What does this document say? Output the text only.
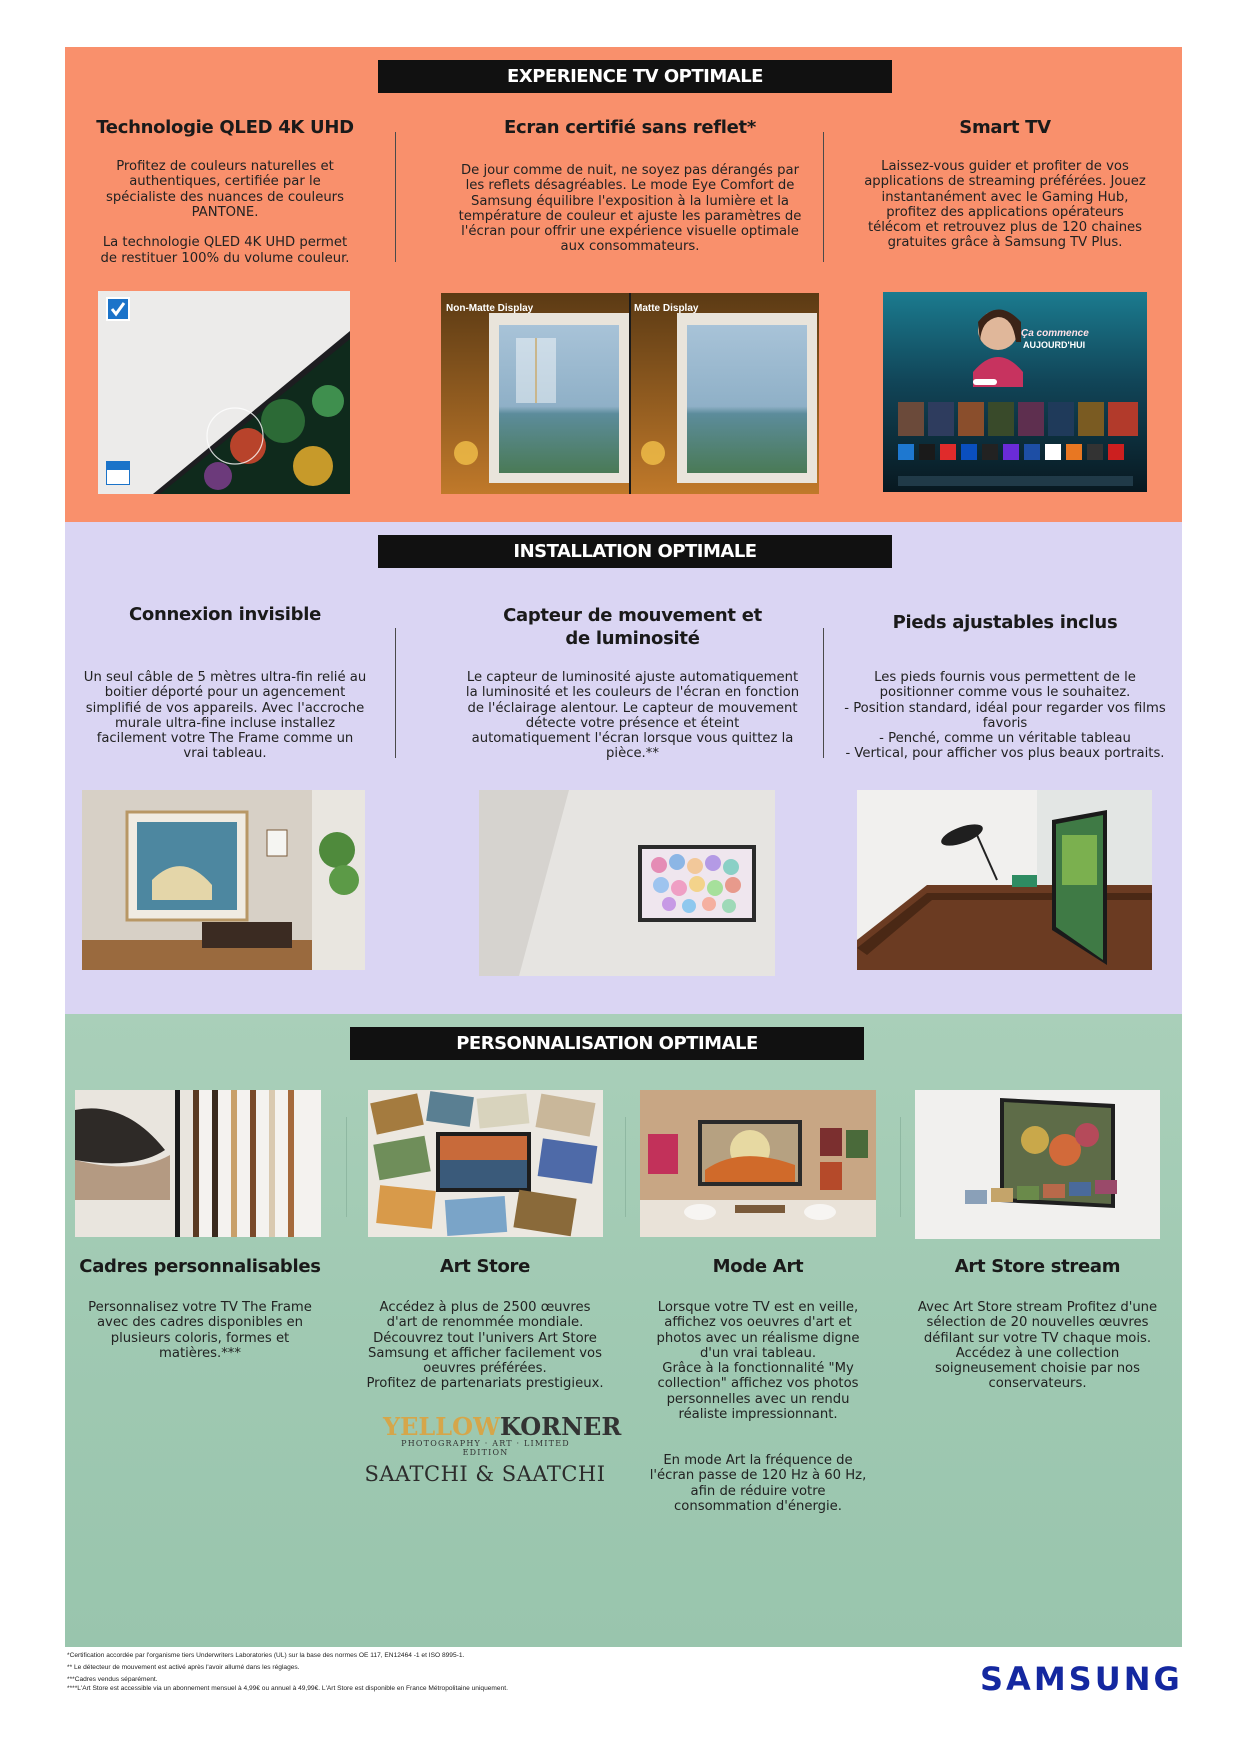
EXPERIENCE TV OPTIMALE
Technologie QLED 4K UHD
Profitez de couleurs naturelles et
authentiques, certifiée par le
spécialiste des nuances de couleurs
PANTONE.

La technologie QLED 4K UHD permet
de restituer 100% du volume couleur.
Ecran certifié sans reflet*
De jour comme de nuit, ne soyez pas dérangés par
les reflets désagréables. Le mode Eye Comfort de
Samsung équilibre l'exposition à la lumière et la
température de couleur et ajuste les paramètres de
l'écran pour offrir une expérience visuelle optimale
aux consommateurs.
Smart TV
Laissez-vous guider et profiter de vos
applications de streaming préférées. Jouez
instantanément avec le Gaming Hub,
profitez des applications opérateurs
télécom et retrouvez plus de 120 chaines
gratuites grâce à Samsung TV Plus.
Non-Matte Display	Matte Display
Ça commence
AUJOURD'HUI
INSTALLATION OPTIMALE
Connexion invisible
Un seul câble de 5 mètres ultra-fin relié au
boitier déporté pour un agencement
simplifié de vos appareils. Avec l'accroche
murale ultra-fine incluse installez
facilement votre The Frame comme un
vrai tableau.
Capteur de mouvement et
de luminosité
Le capteur de luminosité ajuste automatiquement
la luminosité et les couleurs de l'écran en fonction
de l'éclairage alentour. Le capteur de mouvement
détecte votre présence et éteint
automatiquement l'écran lorsque vous quittez la
pièce.**
Pieds ajustables inclus
Les pieds fournis vous permettent de le
positionner comme vous le souhaitez.
- Position standard, idéal pour regarder vos films
favoris
- Penché, comme un véritable tableau
- Vertical, pour afficher vos plus beaux portraits.
PERSONNALISATION OPTIMALE
Cadres personnalisables
Personnalisez votre TV The Frame
avec des cadres disponibles en
plusieurs coloris, formes et
matières.***
Art Store
Accédez à plus de 2500 œuvres
d'art de renommée mondiale.
Découvrez tout l'univers Art Store
Samsung et afficher facilement vos
oeuvres préférées.
Profitez de partenariats prestigieux.
Mode Art
Lorsque votre TV est en veille,
affichez vos oeuvres d'art et
photos avec un réalisme digne
d'un vrai tableau.
Grâce à la fonctionnalité "My
collection" affichez vos photos
personnelles avec un rendu
réaliste impressionnant.

En mode Art la fréquence de
l'écran passe de 120 Hz à 60 Hz,
afin de réduire votre
consommation d'énergie.
Art Store stream
Avec Art Store stream Profitez d'une
sélection de 20 nouvelles œuvres
défilant sur votre TV chaque mois.
Accédez à une collection
soigneusement choisie par nos
conservateurs.
YELLOWKORNER
PHOTOGRAPHY · ART · LIMITED EDITION
SAATCHI & SAATCHI
*Certification accordée par l'organisme tiers Underwriters Laboratories (UL) sur la base des normes OE 117, EN12464 -1 et ISO 8995-1.
** Le détecteur de mouvement est activé après l'avoir allumé dans les réglages.
***Cadres vendus séparément.
****L'Art Store est accessible via un abonnement mensuel à 4,99€ ou annuel à 49,99€. L'Art Store est disponible en France Métropolitaine uniquement.	SAMSUNG
